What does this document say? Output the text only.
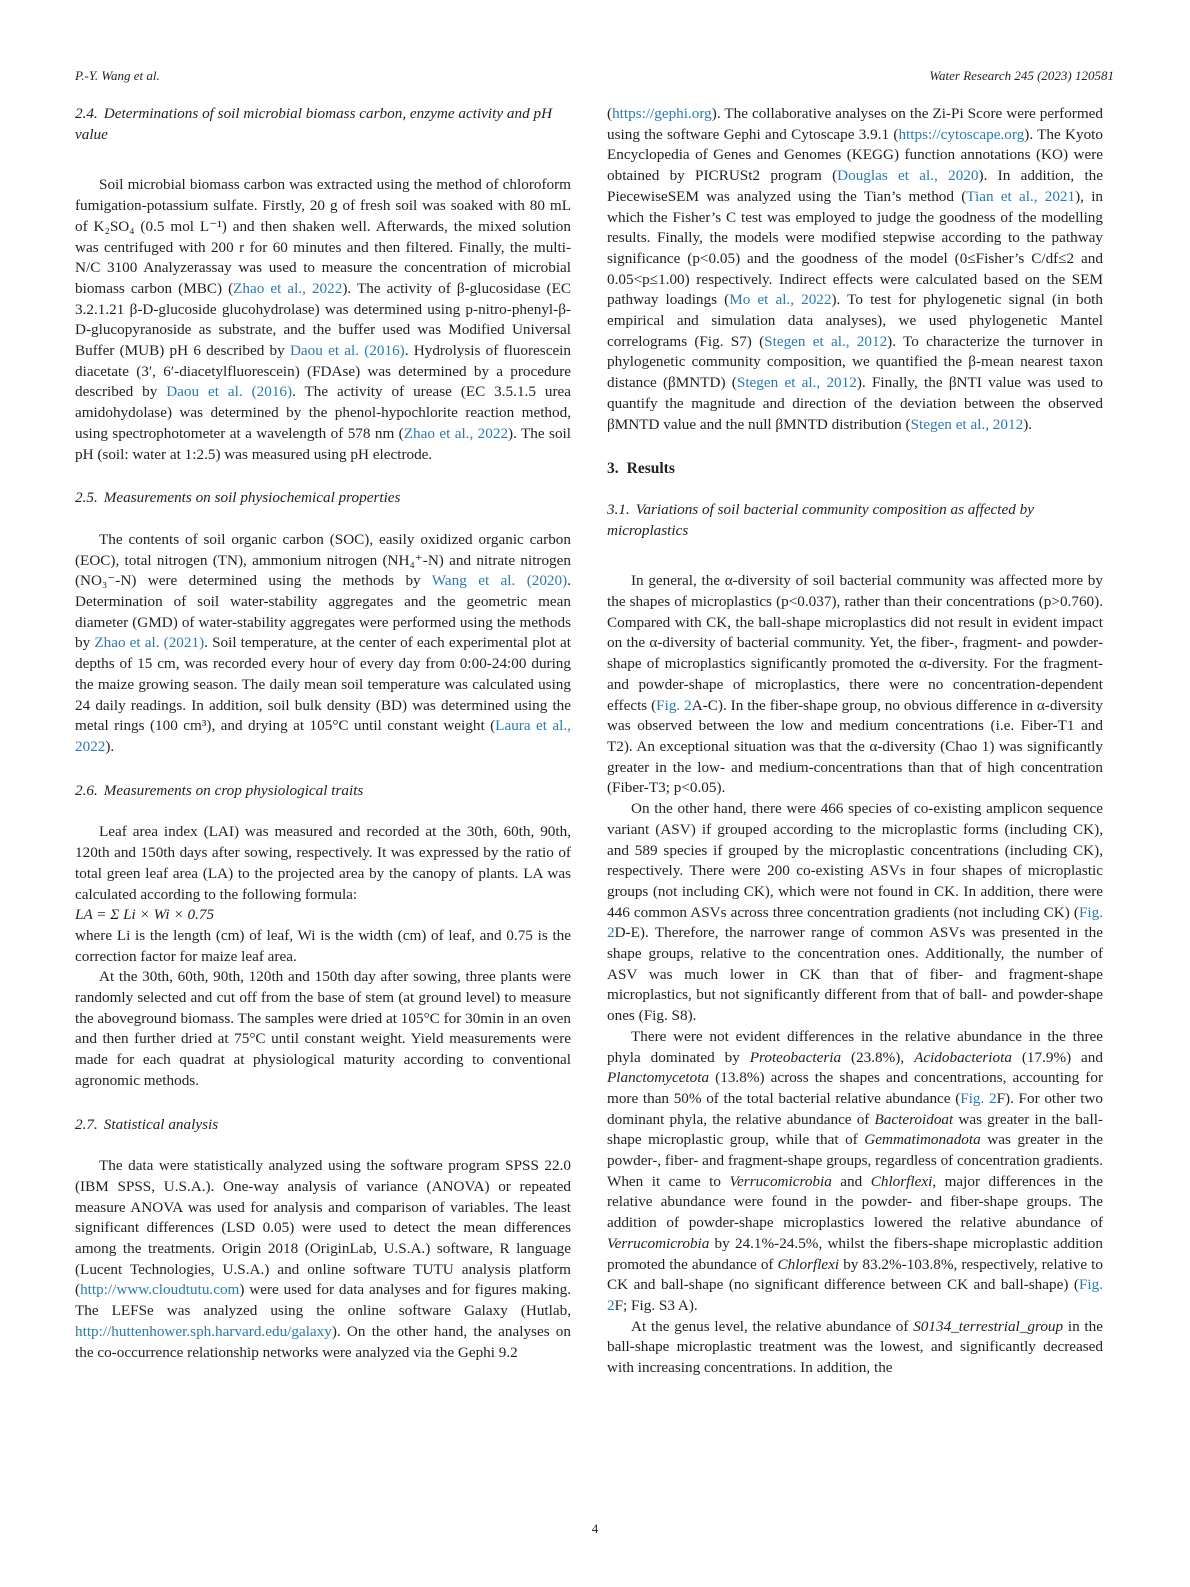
P.-Y. Wang et al.	Water Research 245 (2023) 120581
2.4. Determinations of soil microbial biomass carbon, enzyme activity and pH value

Soil microbial biomass carbon was extracted using the method of chloroform fumigation-potassium sulfate. Firstly, 20 g of fresh soil was soaked with 80 mL of K₂SO₄ (0.5 mol L⁻¹) and then shaken well. Afterwards, the mixed solution was centrifuged with 200 r for 60 minutes and then filtered. Finally, the multi-N/C 3100 Analyzerassay was used to measure the concentration of microbial biomass carbon (MBC) (Zhao et al., 2022). The activity of β-glucosidase (EC 3.2.1.21 β-D-glucoside glucohydrolase) was determined using p-nitro-phenyl-β-D-glucopyranoside as substrate, and the buffer used was Modified Universal Buffer (MUB) pH 6 described by Daou et al. (2016). Hydrolysis of fluorescein diacetate (3′, 6′-diacetylfluorescein) (FDAse) was determined by a procedure described by Daou et al. (2016). The activity of urease (EC 3.5.1.5 urea amidohydolase) was determined by the phenol-hypochlorite reaction method, using spectrophotometer at a wavelength of 578 nm (Zhao et al., 2022). The soil pH (soil: water at 1:2.5) was measured using pH electrode.

2.5. Measurements on soil physiochemical properties

The contents of soil organic carbon (SOC), easily oxidized organic carbon (EOC), total nitrogen (TN), ammonium nitrogen (NH₄⁺-N) and nitrate nitrogen (NO₃⁻-N) were determined using the methods by Wang et al. (2020). Determination of soil water-stability aggregates and the geometric mean diameter (GMD) of water-stability aggregates were performed using the methods by Zhao et al. (2021). Soil temperature, at the center of each experimental plot at depths of 15 cm, was recorded every hour of every day from 0:00-24:00 during the maize growing season. The daily mean soil temperature was calculated using 24 daily readings. In addition, soil bulk density (BD) was determined using the metal rings (100 cm³), and drying at 105°C until constant weight (Laura et al., 2022).

2.6. Measurements on crop physiological traits

Leaf area index (LAI) was measured and recorded at the 30th, 60th, 90th, 120th and 150th days after sowing, respectively. It was expressed by the ratio of total green leaf area (LA) to the projected area by the canopy of plants. LA was calculated according to the following formula:

LA = Σ Li × Wi × 0.75

where Li is the length (cm) of leaf, Wi is the width (cm) of leaf, and 0.75 is the correction factor for maize leaf area.

At the 30th, 60th, 90th, 120th and 150th day after sowing, three plants were randomly selected and cut off from the base of stem (at ground level) to measure the aboveground biomass. The samples were dried at 105°C for 30min in an oven and then further dried at 75°C until constant weight. Yield measurements were made for each quadrat at physiological maturity according to conventional agronomic methods.

2.7. Statistical analysis

The data were statistically analyzed using the software program SPSS 22.0 (IBM SPSS, U.S.A.). One-way analysis of variance (ANOVA) or repeated measure ANOVA was used for analysis and comparison of variables. The least significant differences (LSD 0.05) were used to detect the mean differences among the treatments. Origin 2018 (OriginLab, U.S.A.) software, R language (Lucent Technologies, U.S.A.) and online software TUTU analysis platform (http://www.cloudtutu.com) were used for data analyses and for figures making. The LEFSe was analyzed using the online software Galaxy (Hutlab, http://huttenhower.sph.harvard.edu/galaxy). On the other hand, the analyses on the co-occurrence relationship networks were analyzed via the Gephi 9.2

(https://gephi.org). The collaborative analyses on the Zi-Pi Score were performed using the software Gephi and Cytoscape 3.9.1 (https://cytoscape.org). The Kyoto Encyclopedia of Genes and Genomes (KEGG) function annotations (KO) were obtained by PICRUSt2 program (Douglas et al., 2020). In addition, the PiecewiseSEM was analyzed using the Tian’s method (Tian et al., 2021), in which the Fisher’s C test was employed to judge the goodness of the modelling results. Finally, the models were modified stepwise according to the pathway significance (p<0.05) and the goodness of the model (0≤Fisher’s C/df≤2 and 0.05<p≤1.00) respectively. Indirect effects were calculated based on the SEM pathway loadings (Mo et al., 2022). To test for phylogenetic signal (in both empirical and simulation data analyses), we used phylogenetic Mantel correlograms (Fig. S7) (Stegen et al., 2012). To characterize the turnover in phylogenetic community composition, we quantified the β-mean nearest taxon distance (βMNTD) (Stegen et al., 2012). Finally, the βNTI value was used to quantify the magnitude and direction of the deviation between the observed βMNTD value and the null βMNTD distribution (Stegen et al., 2012).

3. Results
3.1. Variations of soil bacterial community composition as affected by microplastics

In general, the α-diversity of soil bacterial community was affected more by the shapes of microplastics (p<0.037), rather than their concentrations (p>0.760). Compared with CK, the ball-shape microplastics did not result in evident impact on the α-diversity of bacterial community. Yet, the fiber-, fragment- and powder-shape of microplastics significantly promoted the α-diversity. For the fragment- and powder-shape of microplastics, there were no concentration-dependent effects (Fig. 2A-C). In the fiber-shape group, no obvious difference in α-diversity was observed between the low and medium concentrations (i.e. Fiber-T1 and T2). An exceptional situation was that the α-diversity (Chao 1) was significantly greater in the low- and medium-concentrations than that of high concentration (Fiber-T3; p<0.05).

On the other hand, there were 466 species of co-existing amplicon sequence variant (ASV) if grouped according to the microplastic forms (including CK), and 589 species if grouped by the microplastic concentrations (including CK), respectively. There were 200 co-existing ASVs in four shapes of microplastic groups (not including CK), which were not found in CK. In addition, there were 446 common ASVs across three concentration gradients (not including CK) (Fig. 2D-E). Therefore, the narrower range of common ASVs was presented in the shape groups, relative to the concentration ones. Additionally, the number of ASV was much lower in CK than that of fiber- and fragment-shape microplastics, but not significantly different from that of ball- and powder-shape ones (Fig. S8).

There were not evident differences in the relative abundance in the three phyla dominated by Proteobacteria (23.8%), Acidobacteriota (17.9%) and Planctomycetota (13.8%) across the shapes and concentrations, accounting for more than 50% of the total bacterial relative abundance (Fig. 2F). For other two dominant phyla, the relative abundance of Bacteroidoat was greater in the ball-shape microplastic group, while that of Gemmatimonadota was greater in the powder-, fiber- and fragment-shape groups, regardless of concentration gradients. When it came to Verrucomicrobia and Chlorflexi, major differences in the relative abundance were found in the powder- and fiber-shape groups. The addition of powder-shape microplastics lowered the relative abundance of Verrucomicrobia by 24.1%-24.5%, whilst the fibers-shape microplastic addition promoted the abundance of Chlorflexi by 83.2%-103.8%, respectively, relative to CK and ball-shape (no significant difference between CK and ball-shape) (Fig. 2F; Fig. S3 A).

At the genus level, the relative abundance of S0134_terrestrial_group in the ball-shape microplastic treatment was the lowest, and significantly decreased with increasing concentrations. In addition, the

4
